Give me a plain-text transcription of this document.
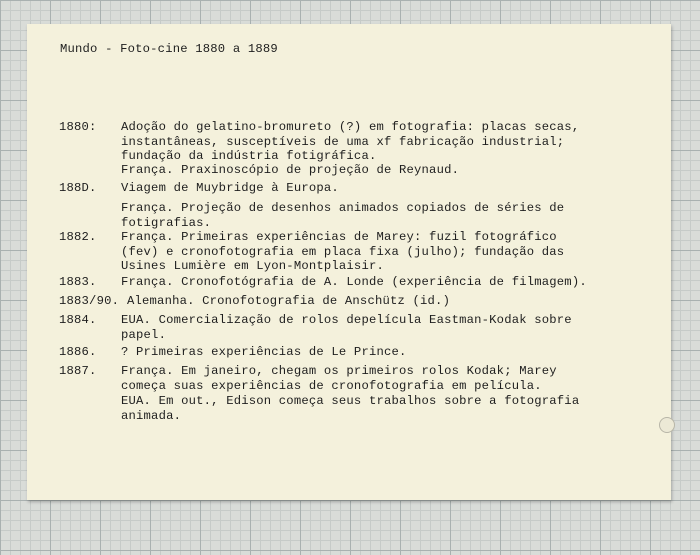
Mundo - Foto-cine 1880 a 1889
1880: Adoção do gelatino-bromureto (?) em fotografia: placas secas,
instantâneas, susceptíveis de uma xf fabricação industrial;
fundação da indústria fotigráfica.
França. Praxinoscópio de projeção de Reynaud.
188D. Viagem de Muybridge à Europa.
França. Projeção de desenhos animados copiados de séries de
fotigrafias.
1882. França. Primeiras experiências de Marey: fuzil fotográfico
(fev) e cronofotografia em placa fixa (julho); fundação das
Usines Lumière em Lyon-Montplaisir.
1883. França. Cronofotógrafia de A. Londe (experiência de filmagem).
1883/90. Alemanha. Cronofotografia de Anschütz (id.)
1884. EUA. Comercialização de rolos depelícula Eastman-Kodak sobre
papel.
1886. ? Primeiras experiências de Le Prince.
1887. França. Em janeiro, chegam os primeiros rolos Kodak; Marey
começa suas experiências de cronofotografia em película.
EUA. Em out., Edison começa seus trabalhos sobre a fotografia
animada.
